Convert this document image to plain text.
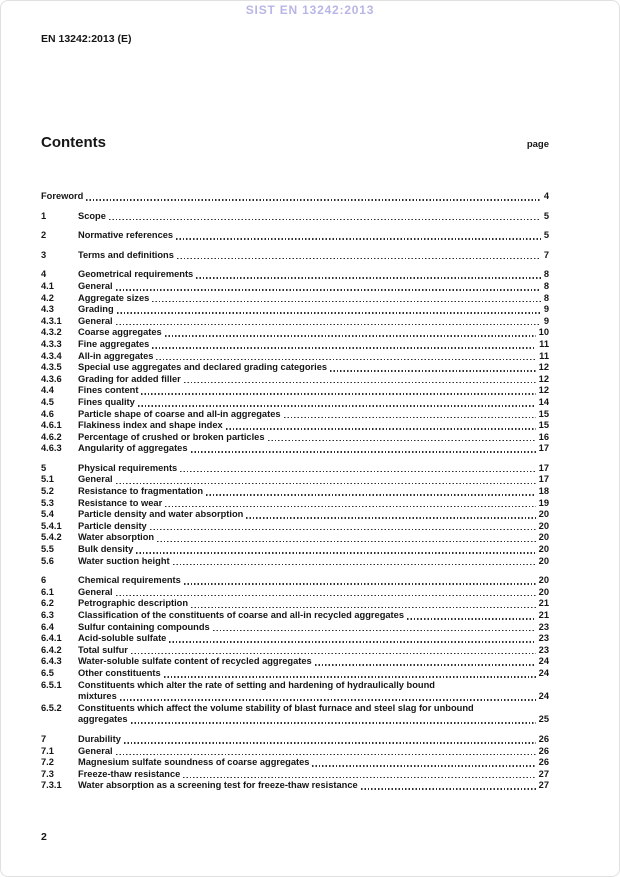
SIST EN 13242:2013
EN 13242:2013 (E)
Contents	page
Foreword	4
1	Scope	5
2	Normative references	5
3	Terms and definitions	7
4	Geometrical requirements	8
4.1	General	8
4.2	Aggregate sizes	8
4.3	Grading	9
4.3.1	General	9
4.3.2	Coarse aggregates	10
4.3.3	Fine aggregates	11
4.3.4	All-in aggregates	11
4.3.5	Special use aggregates and declared grading categories	12
4.3.6	Grading for added filler	12
4.4	Fines content	12
4.5	Fines quality	14
4.6	Particle shape of coarse and all-in aggregates	15
4.6.1	Flakiness index and shape index	15
4.6.2	Percentage of crushed or broken particles	16
4.6.3	Angularity of aggregates	17
5	Physical requirements	17
5.1	General	17
5.2	Resistance to fragmentation	18
5.3	Resistance to wear	19
5.4	Particle density and water absorption	20
5.4.1	Particle density	20
5.4.2	Water absorption	20
5.5	Bulk density	20
5.6	Water suction height	20
6	Chemical requirements	20
6.1	General	20
6.2	Petrographic description	21
6.3	Classification of the constituents of coarse and all-in recycled aggregates	21
6.4	Sulfur containing compounds	23
6.4.1	Acid-soluble sulfate	23
6.4.2	Total sulfur	23
6.4.3	Water-soluble sulfate content of recycled aggregates	24
6.5	Other constituents	24
6.5.1	Constituents which alter the rate of setting and hardening of hydraulically bound
mixtures	24
6.5.2	Constituents which affect the volume stability of blast furnace and steel slag for unbound
aggregates	25
7	Durability	26
7.1	General	26
7.2	Magnesium sulfate soundness of coarse aggregates	26
7.3	Freeze-thaw resistance	27
7.3.1	Water absorption as a screening test for freeze-thaw resistance	27
2
